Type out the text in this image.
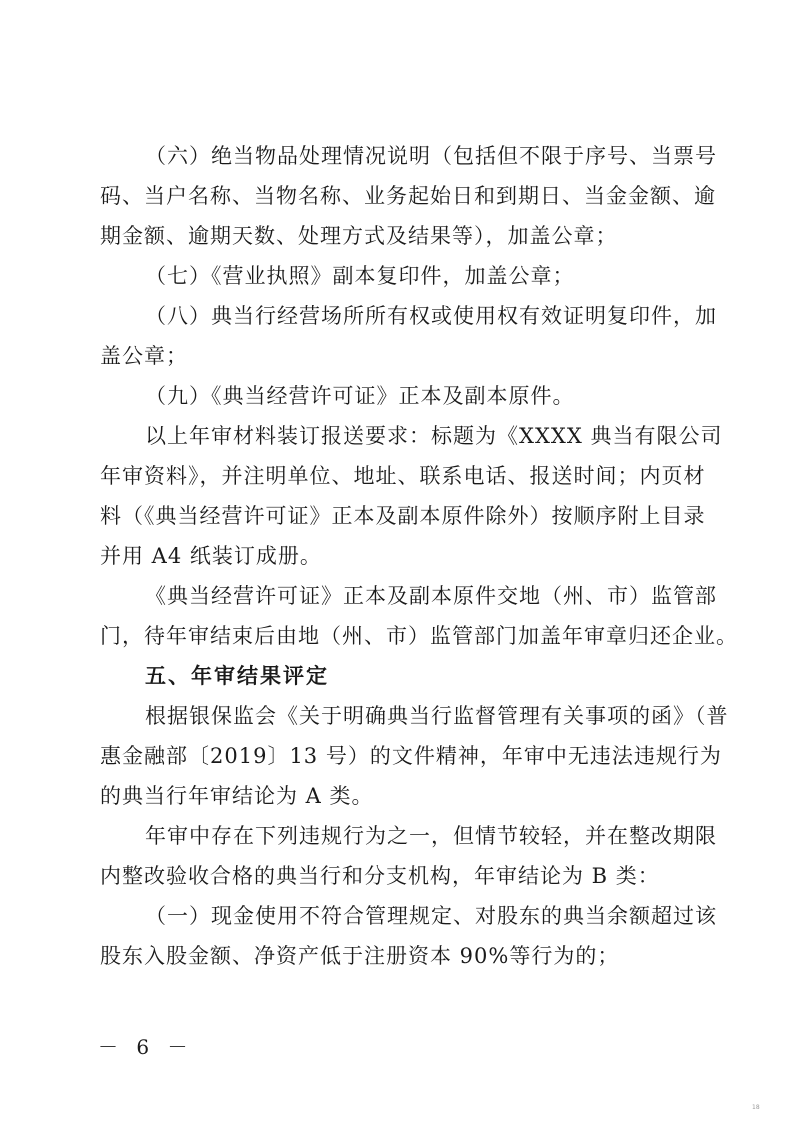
（六）绝当物品处理情况说明（包括但不限于序号、当票号
码、当户名称、当物名称、业务起始日和到期日、当金金额、逾
期金额、逾期天数、处理方式及结果等），加盖公章；
（七）《营业执照》副本复印件，加盖公章；
（八）典当行经营场所所有权或使用权有效证明复印件，加
盖公章；
（九）《典当经营许可证》正本及副本原件。
以上年审材料装订报送要求：标题为《XXXX 典当有限公司
年审资料》，并注明单位、地址、联系电话、报送时间；内页材
料（《典当经营许可证》正本及副本原件除外）按顺序附上目录
并用 A4 纸装订成册。
《典当经营许可证》正本及副本原件交地（州、市）监管部
门，待年审结束后由地（州、市）监管部门加盖年审章归还企业。
五、年审结果评定
根据银保监会《关于明确典当行监督管理有关事项的函》（普
惠金融部〔2019〕13 号）的文件精神，年审中无违法违规行为
的典当行年审结论为 A 类。
年审中存在下列违规行为之一，但情节较轻，并在整改期限
内整改验收合格的典当行和分支机构，年审结论为 B 类：
（一）现金使用不符合管理规定、对股东的典当余额超过该
股东入股金额、净资产低于注册资本 90%等行为的；
－ 6 －
18
